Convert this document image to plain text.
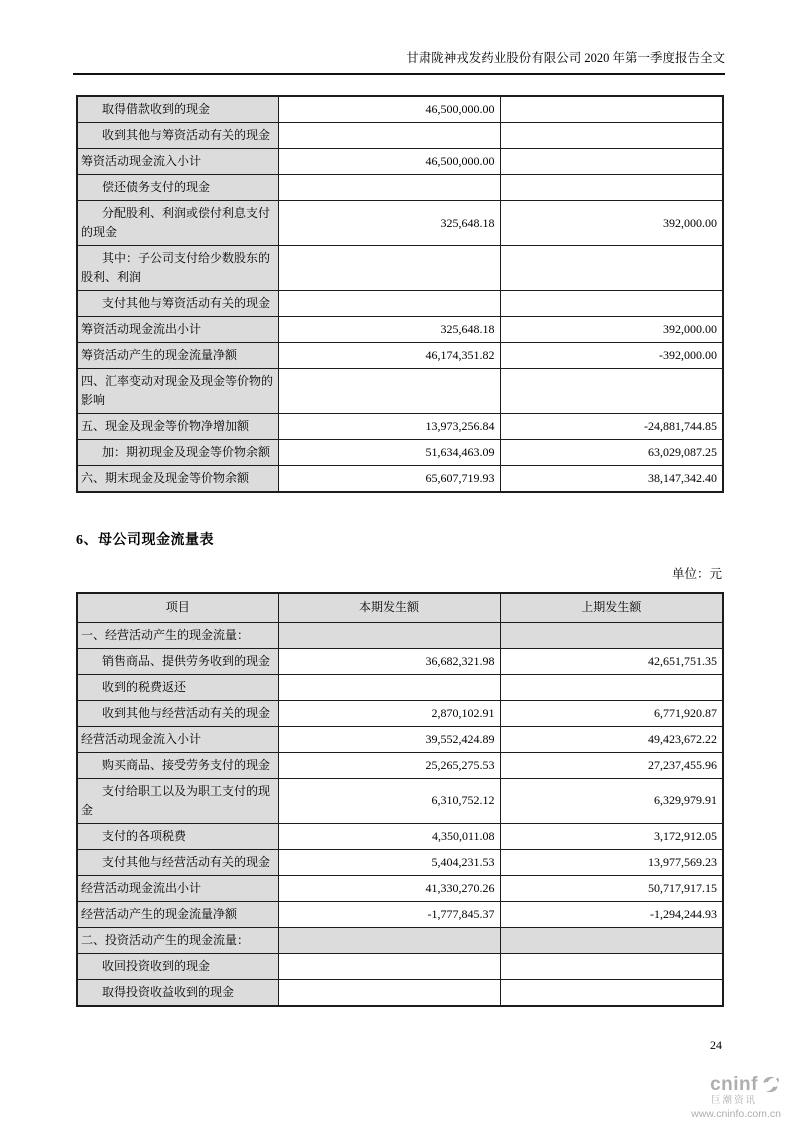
甘肃陇神戎发药业股份有限公司 2020 年第一季度报告全文
取得借款收到的现金	46,500,000.00	
收到其他与筹资活动有关的现金		
筹资活动现金流入小计	46,500,000.00	
偿还债务支付的现金		
分配股利、利润或偿付利息支付的现金	325,648.18	392,000.00
其中：子公司支付给少数股东的股利、利润		
支付其他与筹资活动有关的现金		
筹资活动现金流出小计	325,648.18	392,000.00
筹资活动产生的现金流量净额	46,174,351.82	-392,000.00
四、汇率变动对现金及现金等价物的影响		
五、现金及现金等价物净增加额	13,973,256.84	-24,881,744.85
加：期初现金及现金等价物余额	51,634,463.09	63,029,087.25
六、期末现金及现金等价物余额	65,607,719.93	38,147,342.40
6、母公司现金流量表
单位：元
项目	本期发生额	上期发生额
一、经营活动产生的现金流量：		
销售商品、提供劳务收到的现金	36,682,321.98	42,651,751.35
收到的税费返还		
收到其他与经营活动有关的现金	2,870,102.91	6,771,920.87
经营活动现金流入小计	39,552,424.89	49,423,672.22
购买商品、接受劳务支付的现金	25,265,275.53	27,237,455.96
支付给职工以及为职工支付的现金	6,310,752.12	6,329,979.91
支付的各项税费	4,350,011.08	3,172,912.05
支付其他与经营活动有关的现金	5,404,231.53	13,977,569.23
经营活动现金流出小计	41,330,270.26	50,717,917.15
经营活动产生的现金流量净额	-1,777,845.37	-1,294,244.93
二、投资活动产生的现金流量：		
收回投资收到的现金		
取得投资收益收到的现金		
24
cninf
巨潮资讯
www.cninfo.com.cn
